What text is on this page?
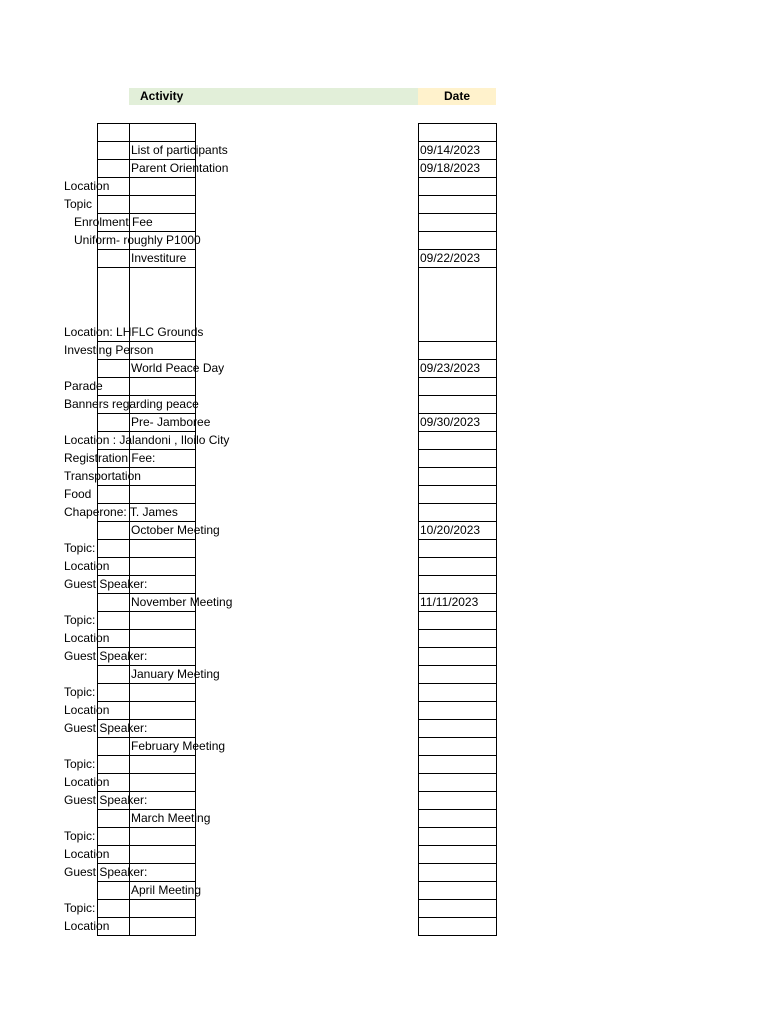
Activity	Date
List of participants	09/14/2023
Parent Orientation	09/18/2023
Location
Topic
Enrolment Fee
Uniform- roughly P1000
Investiture	09/22/2023
Location: LHFLC Grounds
Investing Person
World Peace Day	09/23/2023
Parade
Banners regarding peace
Pre- Jamboree	09/30/2023
Location : Jalandoni , Iloilo City
Registration Fee:
Transportation
Food
Chaperone: T. James
October Meeting	10/20/2023
Topic:
Location
Guest Speaker:
November Meeting	11/11/2023
Topic:
Location
Guest Speaker:
January Meeting
Topic:
Location
Guest Speaker:
February Meeting
Topic:
Location
Guest Speaker:
March Meeting
Topic:
Location
Guest Speaker:
April Meeting
Topic:
Location
